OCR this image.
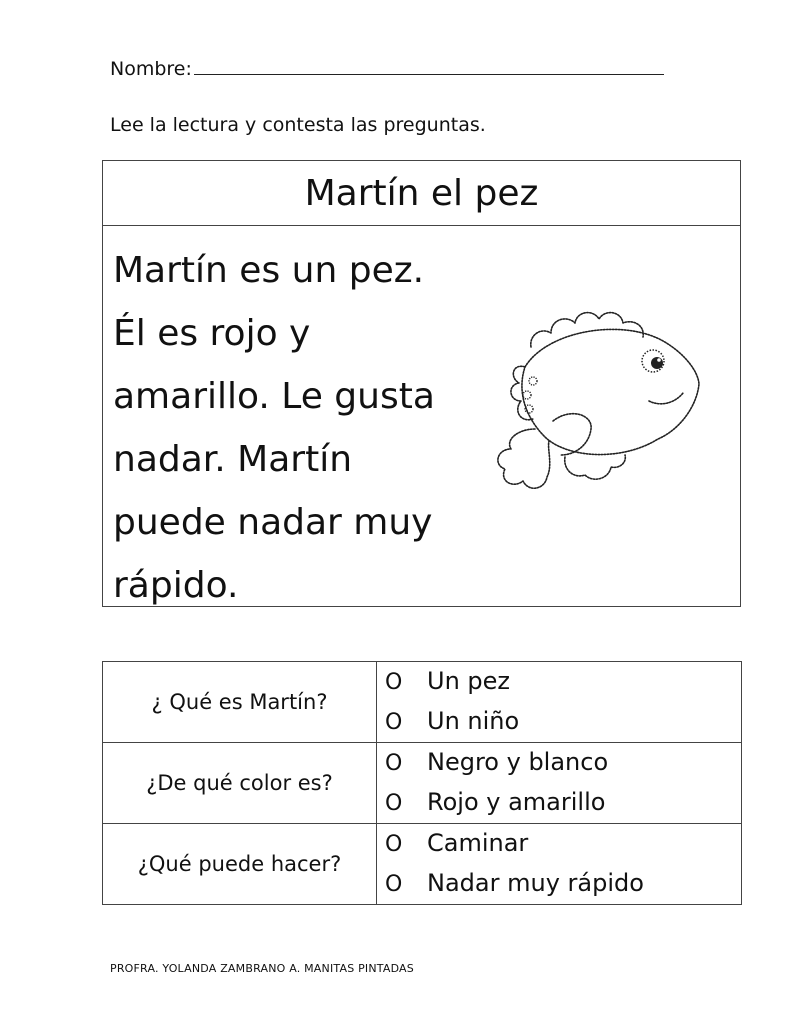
Nombre:
Lee la lectura y contesta las preguntas.
Martín el pez
Martín es un pez.
Él es rojo y
amarillo. Le gusta
nadar. Martín
puede nadar muy
rápido.
¿ Qué es Martín?	O Un pez
O Un niño

¿De qué color es?	O Negro y blanco
O Rojo y amarillo

¿Qué puede hacer?	O Caminar
O Nadar muy rápido
PROFRA. YOLANDA ZAMBRANO A. MANITAS PINTADAS
